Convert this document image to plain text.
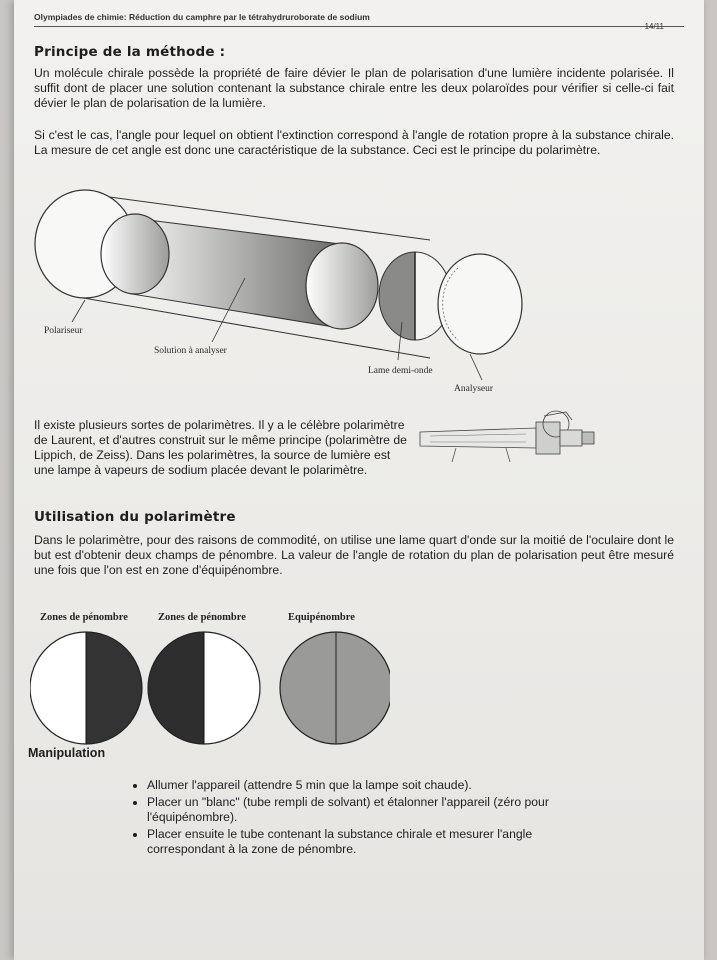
Olympiades de chimie: Réduction du camphre par le tétrahydruroborate de sodium
14/11
Principe de la méthode :

Un molécule chirale possède la propriété de faire dévier le plan de polarisation d'une lumière incidente polarisée. Il suffit dont de placer une solution contenant la substance chirale entre les deux polaroïdes pour vérifier si celle-ci fait dévier le plan de polarisation de la lumière.

Si c'est le cas, l'angle pour lequel on obtient l'extinction correspond à l'angle de rotation propre à la substance chirale. La mesure de cet angle est donc une caractéristique de la substance. Ceci est le principe du polarimètre.

Polariseur
Solution à analyser
Lame demi-onde
Analyseur

Il existe plusieurs sortes de polarimètres. Il y a le célèbre polarimètre de Laurent, et d'autres construit sur le même principe (polarimètre de Lippich, de Zeiss). Dans les polarimètres, la source de lumière est une lampe à vapeurs de sodium placée devant le polarimètre.

Utilisation du polarimètre

Dans le polarimètre, pour des raisons de commodité, on utilise une lame quart d'onde sur la moitié de l'oculaire dont le but est d'obtenir deux champs de pénombre. La valeur de l'angle de rotation du plan de polarisation peut être mesuré une fois que l'on est en zone d'équipénombre.

Zones de pénombre	Zones de pénombre	Equipénombre

Manipulation

• Allumer l'appareil (attendre 5 min que la lampe soit chaude).
• Placer un "blanc" (tube rempli de solvant) et étalonner l'appareil (zéro pour l'équipénombre).
• Placer ensuite le tube contenant la substance chirale et mesurer l'angle correspondant à la zone de pénombre.
